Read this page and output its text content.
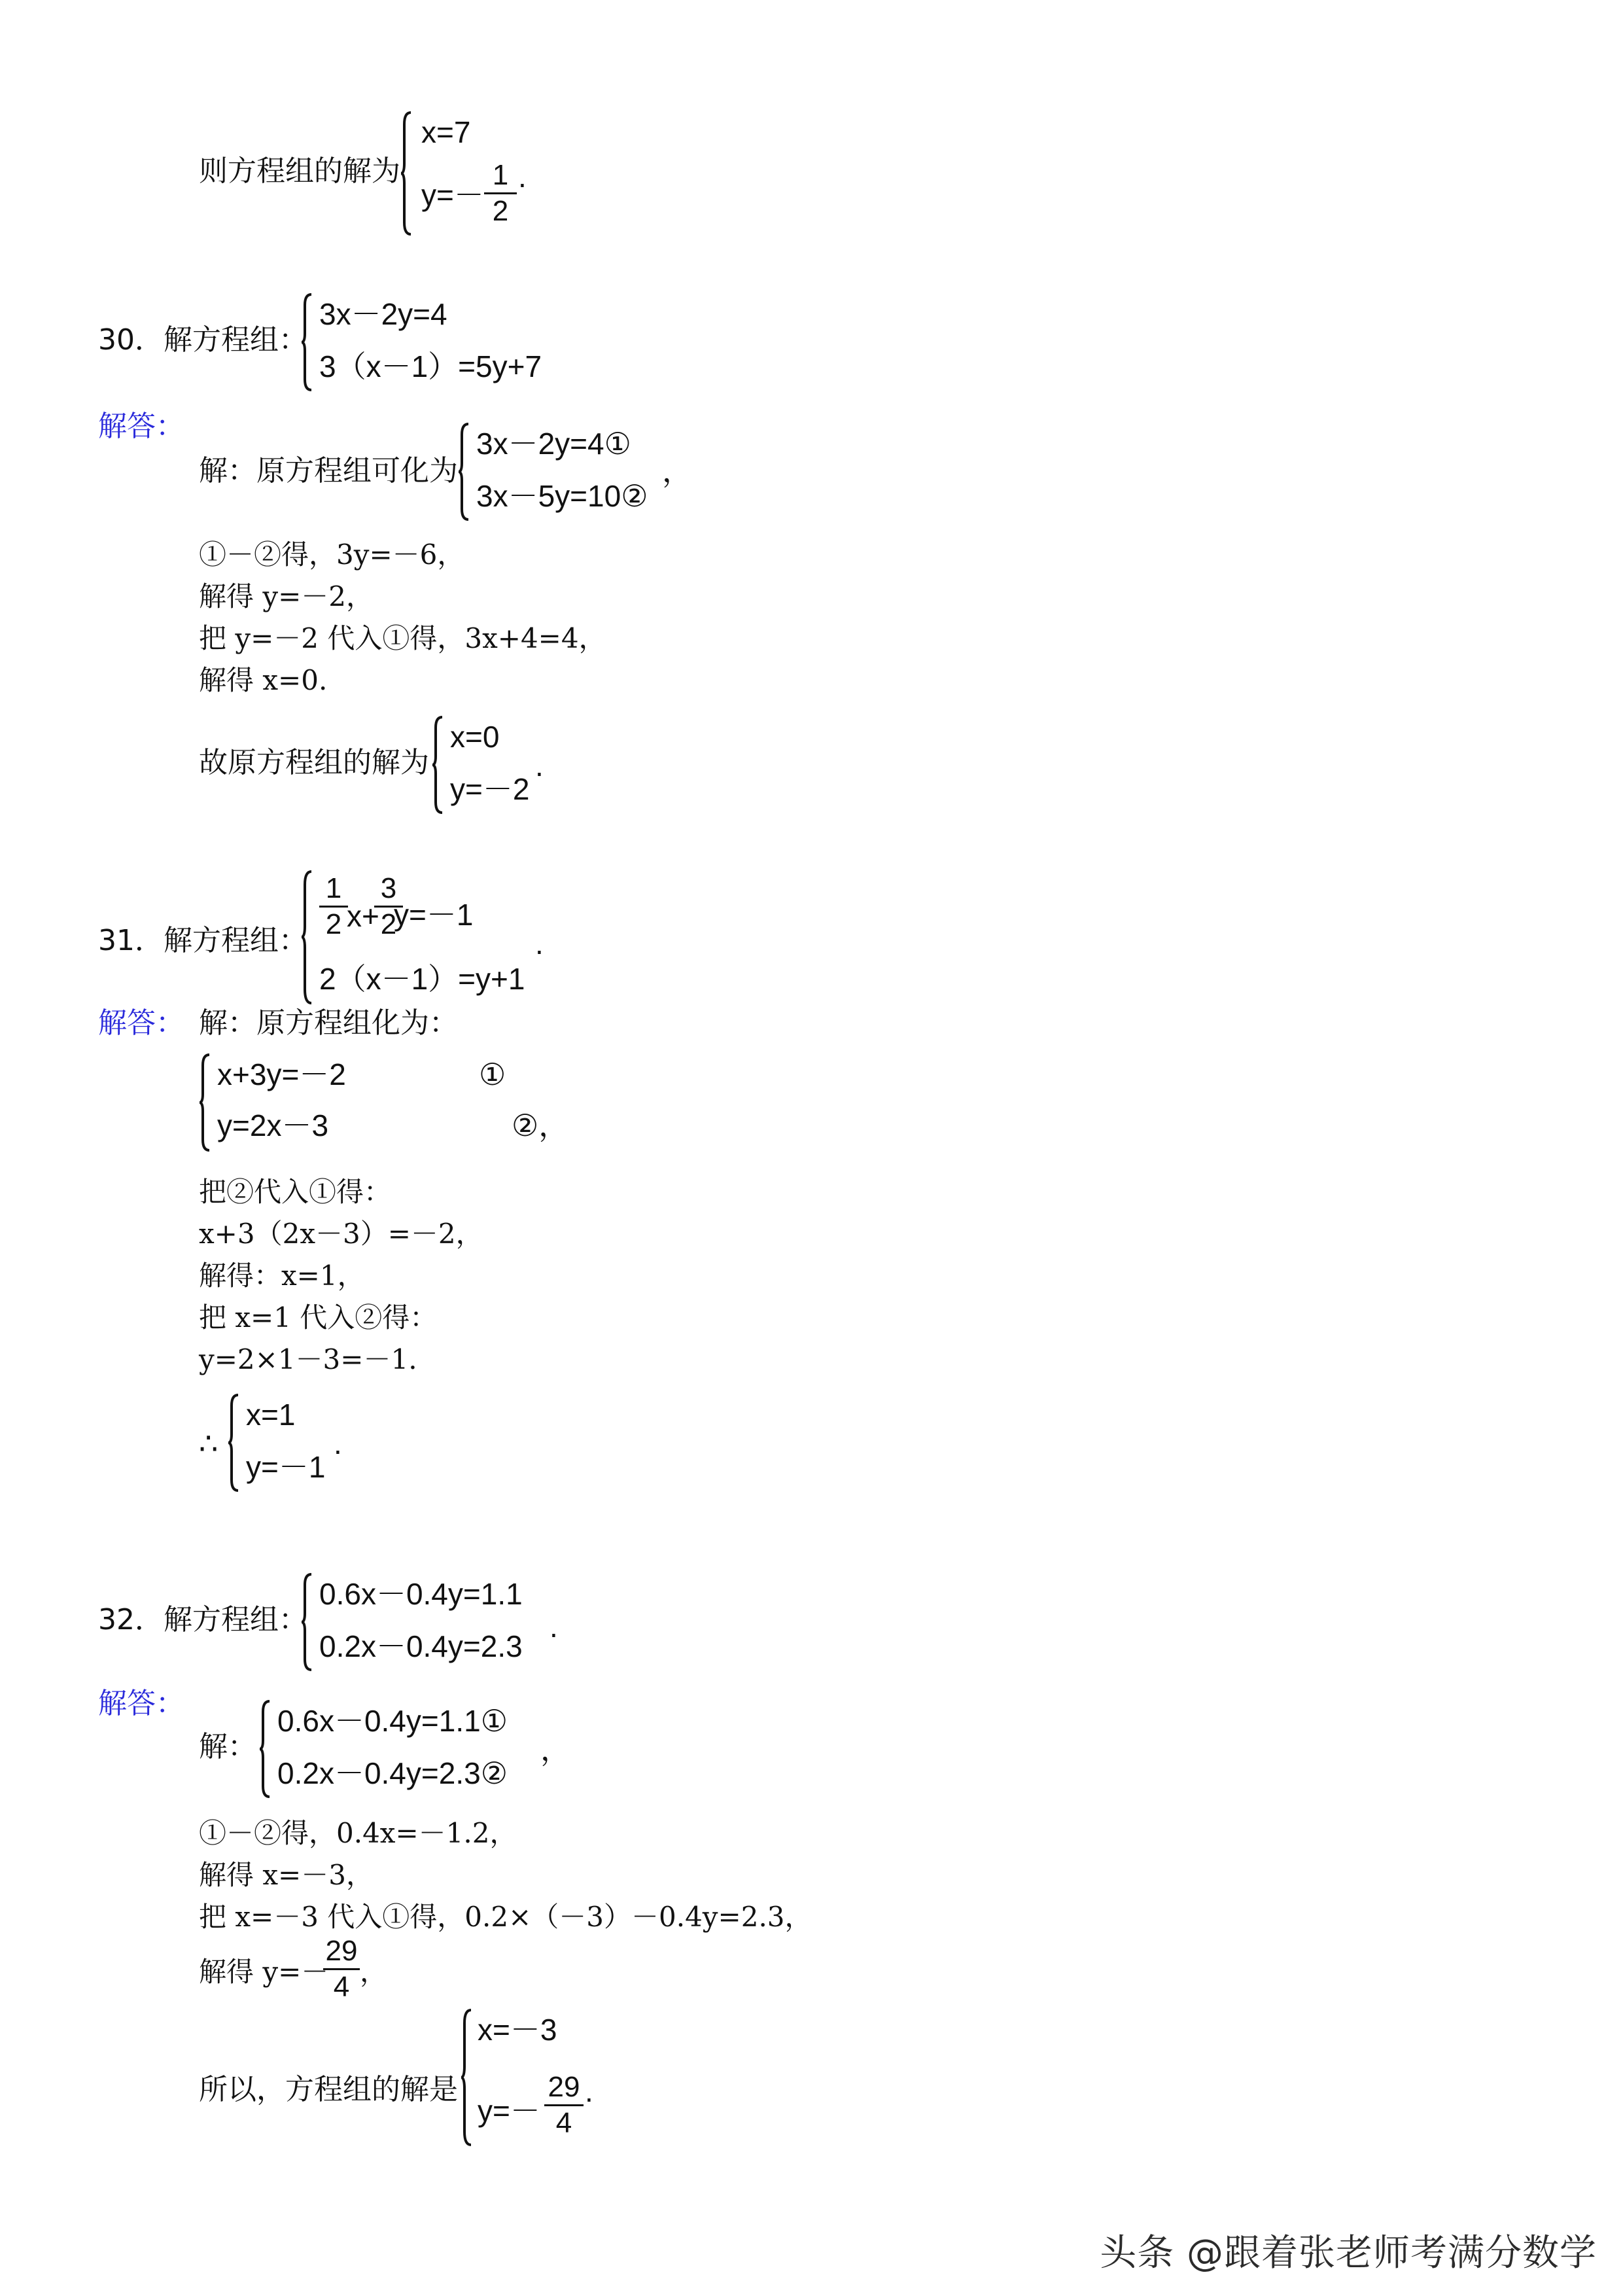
则方程组的解为
x=7
y=－
1
2
.
30．解方程组：
3x－2y=4
3（x－1）=5y+7
解答：
解：原方程组可化为
3x－2y=4①
3x－5y=10②
，
①－②得，3y=－6，
解得 y=－2，
把 y=－2 代入①得，3x+4=4，
解得 x=0.
故原方程组的解为
x=0
y=－2
.
31．解方程组：
1
2 x+
3
2
y=－1
2（x－1）=y+1
.
解答： 解：原方程组化为：
x+3y=－2	①
y=2x－3	②，
把②代入①得：
x+3（2x－3）=－2，
解得：x=1，
把 x=1 代入②得：
y=2×1－3=－1.
∴
x=1
y=－1
.
32．解方程组：
0.6x－0.4y=1.1
0.2x－0.4y=2.3
.
解答：
解：
0.6x－0.4y=1.1①
0.2x－0.4y=2.3②
，
①－②得，0.4x=－1.2，
解得 x=－3，
把 x=－3 代入①得，0.2×（－3）－0.4y=2.3，
解得 y=－
29
4 ，
所以，方程组的解是
x=－3
y=－
29
4
.
头条 @跟着张老师考满分数学
